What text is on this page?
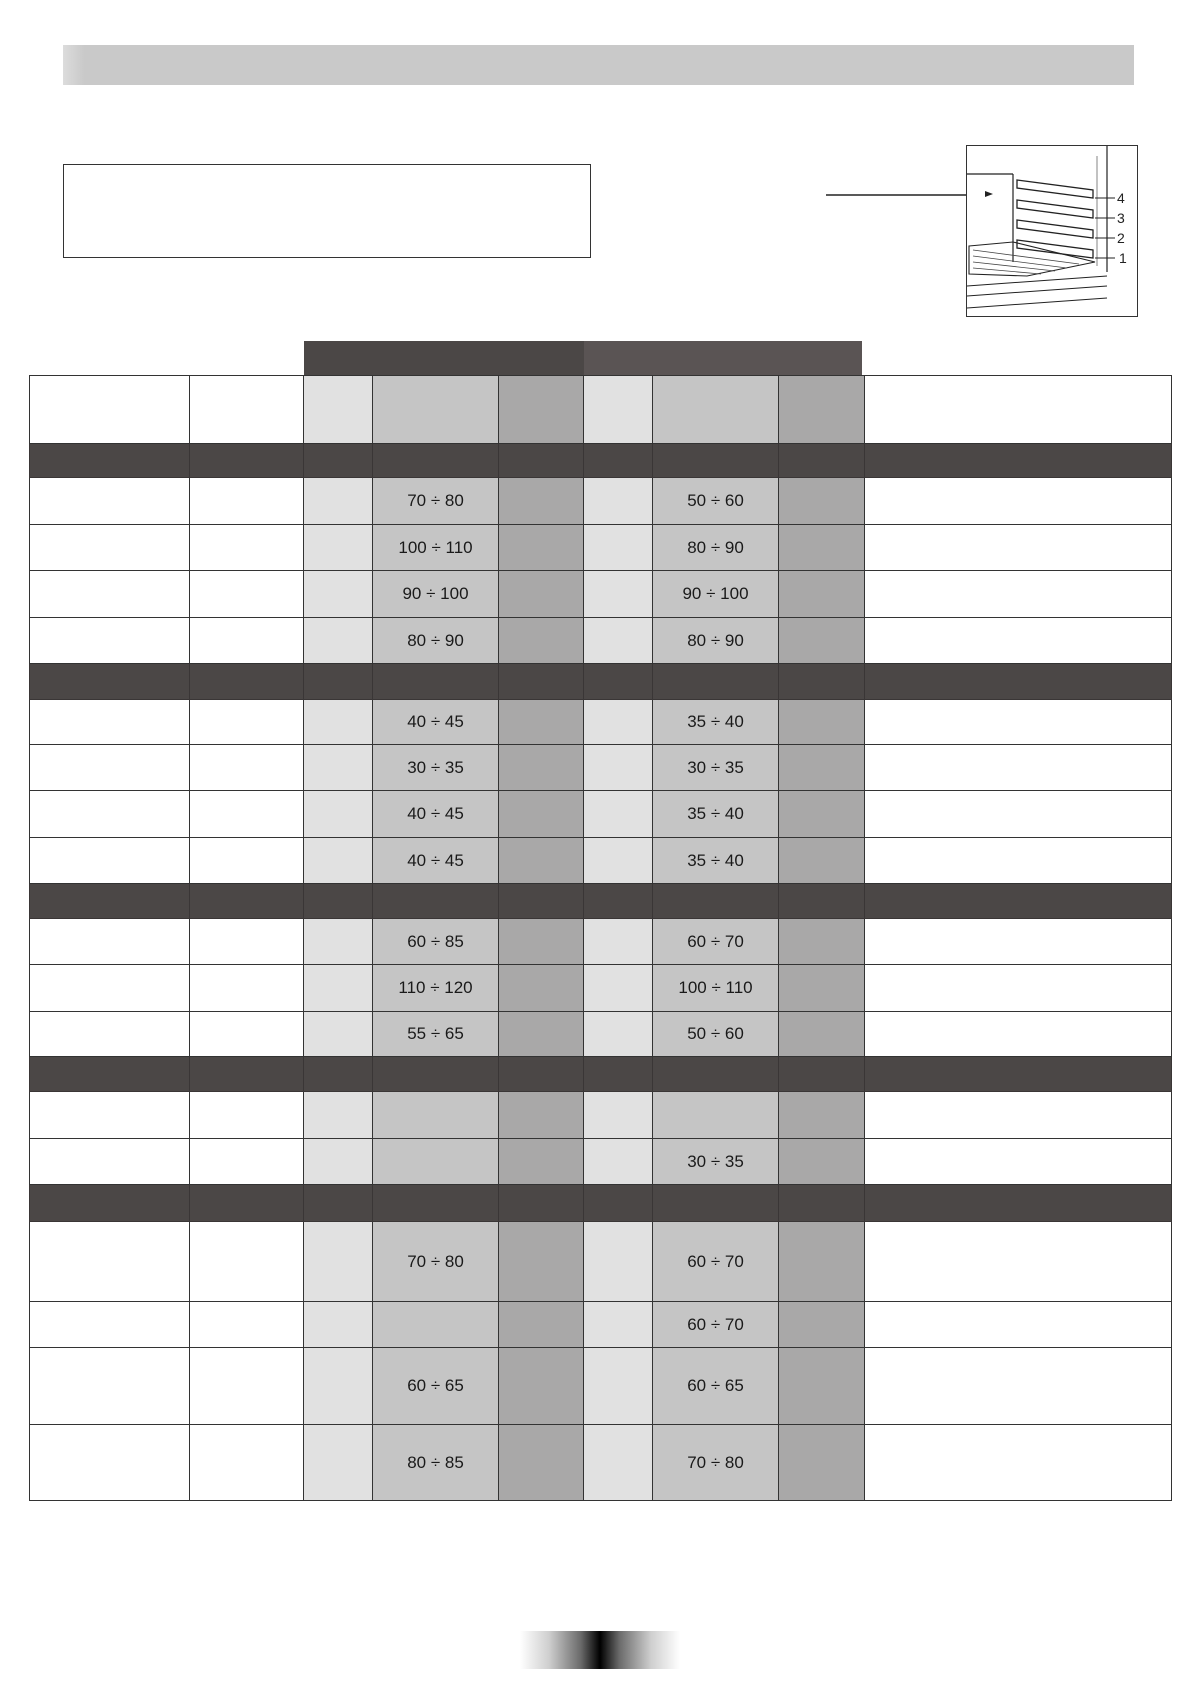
4
3
2
1

			70 ÷ 80			50 ÷ 60		
			100 ÷ 110			80 ÷ 90		
			90 ÷ 100			90 ÷ 100		
			80 ÷ 90			80 ÷ 90		

			40 ÷ 45			35 ÷ 40		
			30 ÷ 35			30 ÷ 35		
			40 ÷ 45			35 ÷ 40		
			40 ÷ 45			35 ÷ 40		

			60 ÷ 85			60 ÷ 70		
			110 ÷ 120			100 ÷ 110		
			55 ÷ 65			50 ÷ 60		

						30 ÷ 35		

			70 ÷ 80			60 ÷ 70		
						60 ÷ 70		
			60 ÷ 65			60 ÷ 65		
			80 ÷ 85			70 ÷ 80		
